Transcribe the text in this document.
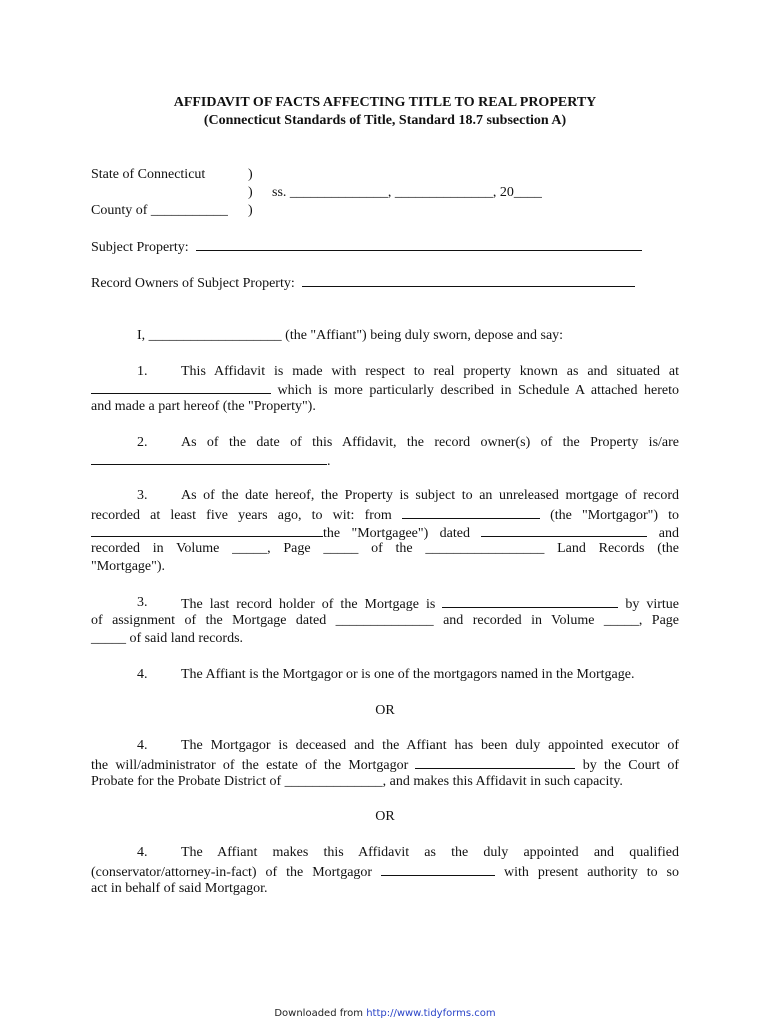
AFFIDAVIT OF FACTS AFFECTING TITLE TO REAL PROPERTY
(Connecticut Standards of Title, Standard 18.7 subsection A)
State of Connecticut	)
) ss. ______________, ______________, 20____
County of ___________ )
Subject Property:
Record Owners of Subject Property:
I, ___________________ (the "Affiant") being duly sworn, depose and say:
1. This Affidavit is made with respect to real property known as and situated at
which is more particularly described in Schedule A attached hereto
and made a part hereof (the "Property").
2. As of the date of this Affidavit, the record owner(s) of the Property is/are
.
3. As of the date hereof, the Property is subject to an unreleased mortgage of record
recorded at least five years ago, to wit: from	(the "Mortgagor") to
the "Mortgagee") dated	and
recorded in Volume _____, Page _____ of the _________________ Land Records (the
"Mortgage").
3. The last record holder of the Mortgage is	by virtue
of assignment of the Mortgage dated ______________ and recorded in Volume _____, Page
_____ of said land records.
4. The Affiant is the Mortgagor or is one of the mortgagors named in the Mortgage.
OR
4. The Mortgagor is deceased and the Affiant has been duly appointed executor of
the will/administrator of the estate of the Mortgagor	by the Court of
Probate for the Probate District of ______________, and makes this Affidavit in such capacity.
OR
4. The Affiant makes this Affidavit as the duly appointed and qualified
(conservator/attorney-in-fact) of the Mortgagor	with present authority to so
act in behalf of said Mortgagor.
Downloaded from http://www.tidyforms.com
